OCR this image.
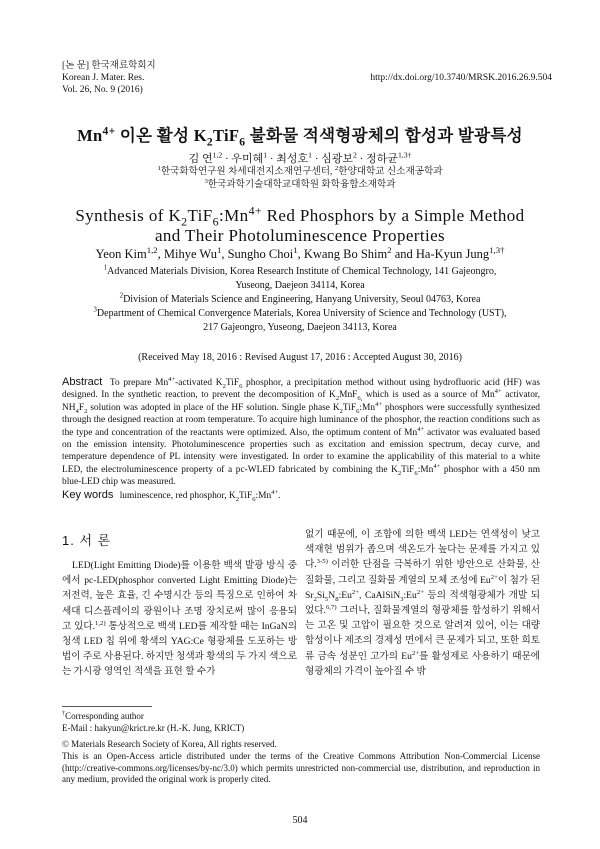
[논 문] 한국재료학회지
Korean J. Mater. Res.
Vol. 26, No. 9 (2016)
http://dx.doi.org/10.3740/MRSK.2016.26.9.504
$Mn^{4+}$ 이온 활성 $K_2TiF_6$ 불화물 적색형광체의 합성과 발광특성
김 연$^{1,2}$ · 우미혜$^1$ · 최성호$^1$ · 심광보$^2$ · 정하균$^{1,3\dagger}$
$^1$한국화학연구원 차세대전지소재연구센터, $^2$한양대학교 신소재공학과
$^3$한국과학기술대학교대학원 화학융합소재학과
Synthesis of $K_2TiF_6:Mn^{4+}$ Red Phosphors by a Simple Method
and Their Photoluminescence Properties
Yeon Kim$^{1,2}$, Mihye Wu$^1$, Sungho Choi$^1$, Kwang Bo Shim$^2$ and Ha-Kyun Jung$^{1,3\dagger}$
$^1$Advanced Materials Division, Korea Research Institute of Chemical Technology, 141 Gajeongro,
Yuseong, Daejeon 34114, Korea
$^2$Division of Materials Science and Engineering, Hanyang University, Seoul 04763, Korea
$^3$Department of Chemical Convergence Materials, Korea University of Science and Technology (UST),
217 Gajeongro, Yuseong, Daejeon 34113, Korea
(Received May 18, 2016 : Revised August 17, 2016 : Accepted August 30, 2016)
Abstract To prepare $Mn^{4+}$-activated $K_2TiF_6$ phosphor, a precipitation method without using hydrofluoric acid (HF) was designed. In the synthetic reaction, to prevent the decomposition of $K_2MnF_{6,}$ which is used as a source of $Mn^{4+}$ activator, $NH_4F_2$ solution was adopted in place of the HF solution. Single phase $K_2TiF_6:Mn^{4+}$ phosphors were successfully synthesized through the designed reaction at room temperature. To acquire high luminance of the phosphor, the reaction conditions such as the type and concentration of the reactants were optimized. Also, the optimum content of $Mn^{4+}$ activator was evaluated based on the emission intensity. Photoluminescence properties such as excitation and emission spectrum, decay curve, and temperature dependence of PL intensity were investigated. In order to examine the applicability of this material to a white LED, the electroluminescence property of a pc-WLED fabricated by combining the $K_2TiF_6:Mn^{4+}$ phosphor with a 450 nm blue-LED chip was measured.
Key words luminescence, red phosphor, $K_2TiF_6:Mn^{4+}$.
1. 서 론

LED(Light Emitting Diode)를 이용한 백색 발광 방식 중에서 pc-LED(phosphor converted Light Emitting Diode)는 저전력, 높은 효율, 긴 수명시간 등의 특징으로 인하여 차세대 디스플레이의 광원이나 조명 장치로써 많이 응용되고 있다.$^{1,2)}$ 통상적으로 백색 LED를 제작할 때는 InGaN의 청색 LED 칩 위에 황색의 YAG:Ce 형광체를 도포하는 방법이 주로 사용된다. 하지만 청색과 황색의 두 가지 색으로는 가시광 영역인 적색을 표현 할 수가

없기 때문에, 이 조합에 의한 백색 LED는 연색성이 낮고 색재현 범위가 좁으며 색온도가 높다는 문제를 가지고 있다.$^{3-5)}$ 이러한 단점을 극복하기 위한 방안으로 산화물, 산질화물, 그리고 질화물 계열의 모체 조성에 $Eu^{2+}$이 첨가 된 $Sr_2Si_5N_8:Eu^{2+}$, $CaAlSiN_3:Eu^{2+}$ 등의 적색형광체가 개발 되었다.$^{6,7)}$ 그러나, 질화물계열의 형광체를 합성하기 위해서는 고온 및 고압이 필요한 것으로 알려져 있어, 이는 대량합성이나 제조의 경제성 면에서 큰 문제가 되고, 또한 희토류 금속 성분인 고가의 $Eu^{2+}$를 활성제로 사용하기 때문에 형광체의 가격이 높아질 수 밖

†Corresponding author
E-Mail : hakyun@krict.re.kr (H.-K. Jung, KRICT)
© Materials Research Society of Korea, All rights reserved.
This is an Open-Access article distributed under the terms of the Creative Commons Attribution Non-Commercial License (http://creative-commons.org/licenses/by-nc/3.0) which permits unrestricted non-commercial use, distribution, and reproduction in any medium, provided the original work is properly cited.
504
